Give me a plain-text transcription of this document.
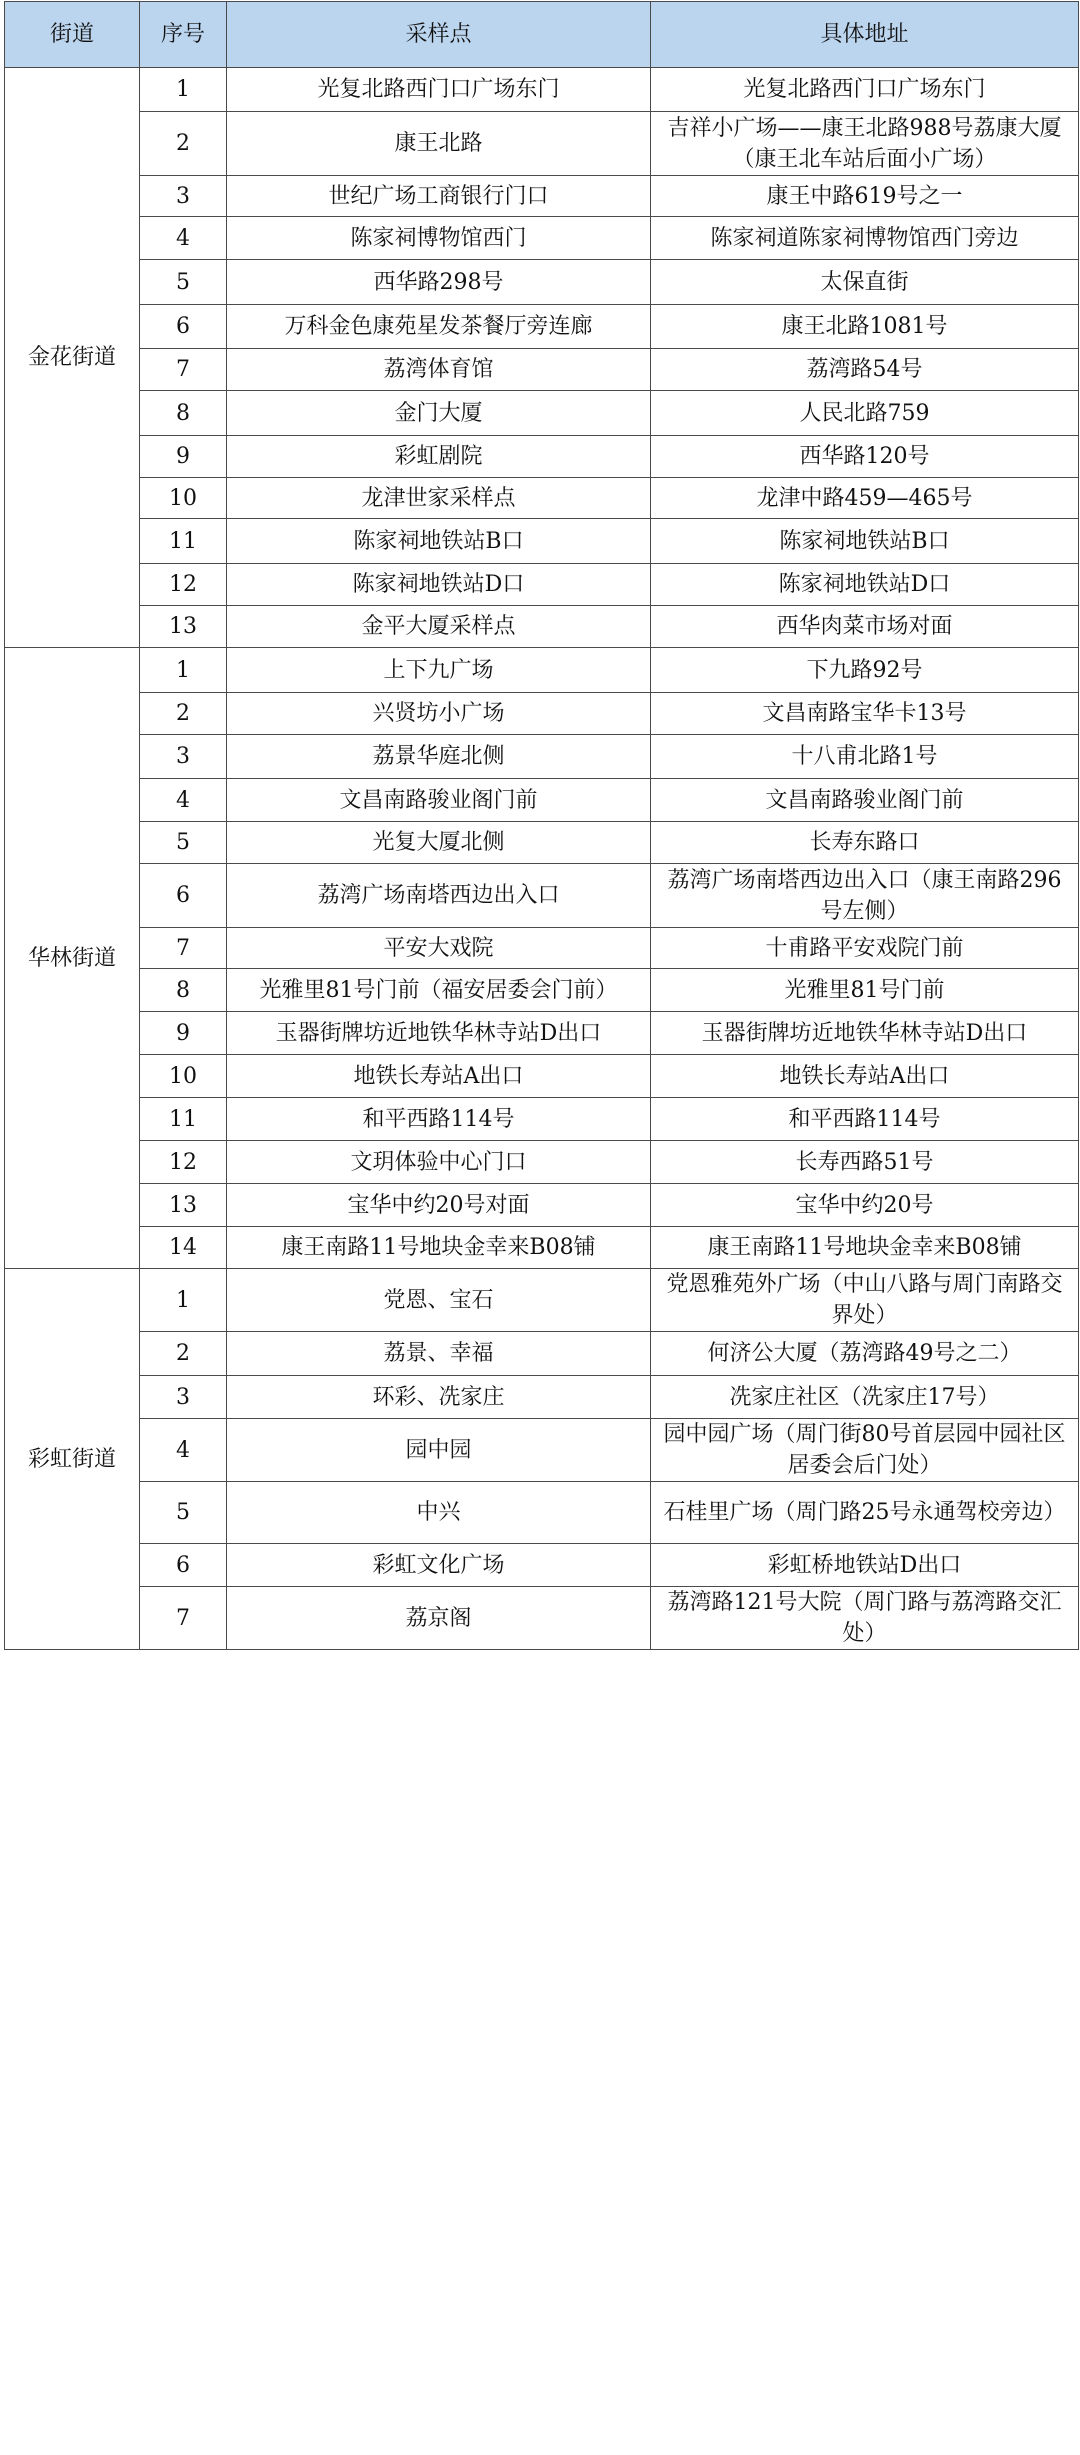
街道	序号	采样点	具体地址
金花街道	1	光复北路西门口广场东门	光复北路西门口广场东门
	2	康王北路	吉祥小广场——康王北路988号荔康大厦（康王北车站后面小广场）
	3	世纪广场工商银行门口	康王中路619号之一
	4	陈家祠博物馆西门	陈家祠道陈家祠博物馆西门旁边
	5	西华路298号	太保直街
	6	万科金色康苑星发茶餐厅旁连廊	康王北路1081号
	7	荔湾体育馆	荔湾路54号
	8	金门大厦	人民北路759
	9	彩虹剧院	西华路120号
	10	龙津世家采样点	龙津中路459—465号
	11	陈家祠地铁站B口	陈家祠地铁站B口
	12	陈家祠地铁站D口	陈家祠地铁站D口
	13	金平大厦采样点	西华肉菜市场对面
华林街道	1	上下九广场	下九路92号
	2	兴贤坊小广场	文昌南路宝华卡13号
	3	荔景华庭北侧	十八甫北路1号
	4	文昌南路骏业阁门前	文昌南路骏业阁门前
	5	光复大厦北侧	长寿东路口
	6	荔湾广场南塔西边出入口	荔湾广场南塔西边出入口（康王南路296号左侧）
	7	平安大戏院	十甫路平安戏院门前
	8	光雅里81号门前（福安居委会门前）	光雅里81号门前
	9	玉器街牌坊近地铁华林寺站D出口	玉器街牌坊近地铁华林寺站D出口
	10	地铁长寿站A出口	地铁长寿站A出口
	11	和平西路114号	和平西路114号
	12	文玥体验中心门口	长寿西路51号
	13	宝华中约20号对面	宝华中约20号
	14	康王南路11号地块金幸来B08铺	康王南路11号地块金幸来B08铺
彩虹街道	1	党恩、宝石	党恩雅苑外广场（中山八路与周门南路交界处）
	2	荔景、幸福	何济公大厦（荔湾路49号之二）
	3	环彩、冼家庄	冼家庄社区（冼家庄17号）
	4	园中园	园中园广场（周门街80号首层园中园社区居委会后门处）
	5	中兴	石桂里广场（周门路25号永通驾校旁边）
	6	彩虹文化广场	彩虹桥地铁站D出口
	7	荔京阁	荔湾路121号大院（周门路与荔湾路交汇处）
